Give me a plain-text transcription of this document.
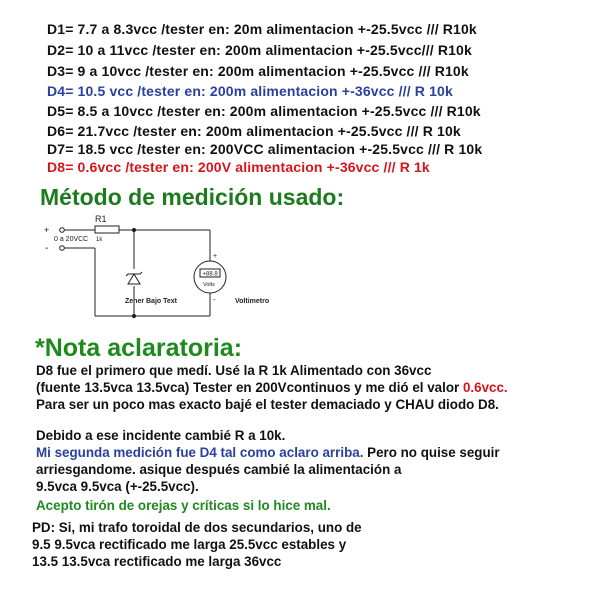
D1= 7.7 a 8.3vcc /tester en: 20m alimentacion +-25.5vcc /// R10k
D2= 10 a 11vcc /tester en: 200m alimentacion +-25.5vcc/// R10k
D3= 9 a 10vcc /tester en: 200m alimentacion +-25.5vcc /// R10k
D4= 10.5 vcc /tester en: 200m alimentacion +-36vcc /// R 10k
D5= 8.5 a 10vcc /tester en: 200m alimentacion +-25.5vcc /// R10k
D6= 21.7vcc /tester en: 200m alimentacion +-25.5vcc /// R 10k
D7= 18.5 vcc /tester en: 200VCC alimentacion +-25.5vcc /// R 10k
D8= 0.6vcc /tester en: 200V alimentacion +-36vcc /// R 1k
Método de medición usado:
R1
1k
0 a 20VCC
+
-
+
-
+88.8
Volts
Zener Bajo Text	Voltimetro
*Nota aclaratoria:
D8 fue el primero que medí. Usé la R 1k Alimentado con 36vcc
(fuente 13.5vca 13.5vca) Tester en 200Vcontinuos y me dió el valor 0.6vcc.
Para ser un poco mas exacto bajé el tester demaciado y CHAU diodo D8.
Debido a ese incidente cambié R a 10k.
Mi segunda medición fue D4 tal como aclaro arriba. Pero no quise seguir
arriesgandome. asique después cambié la alimentación a
9.5vca 9.5vca (+-25.5vcc).
Acepto tirón de orejas y críticas si lo hice mal.
PD: Si, mi trafo toroidal de dos secundarios, uno de
9.5 9.5vca rectificado me larga 25.5vcc estables y
13.5 13.5vca rectificado me larga 36vcc
